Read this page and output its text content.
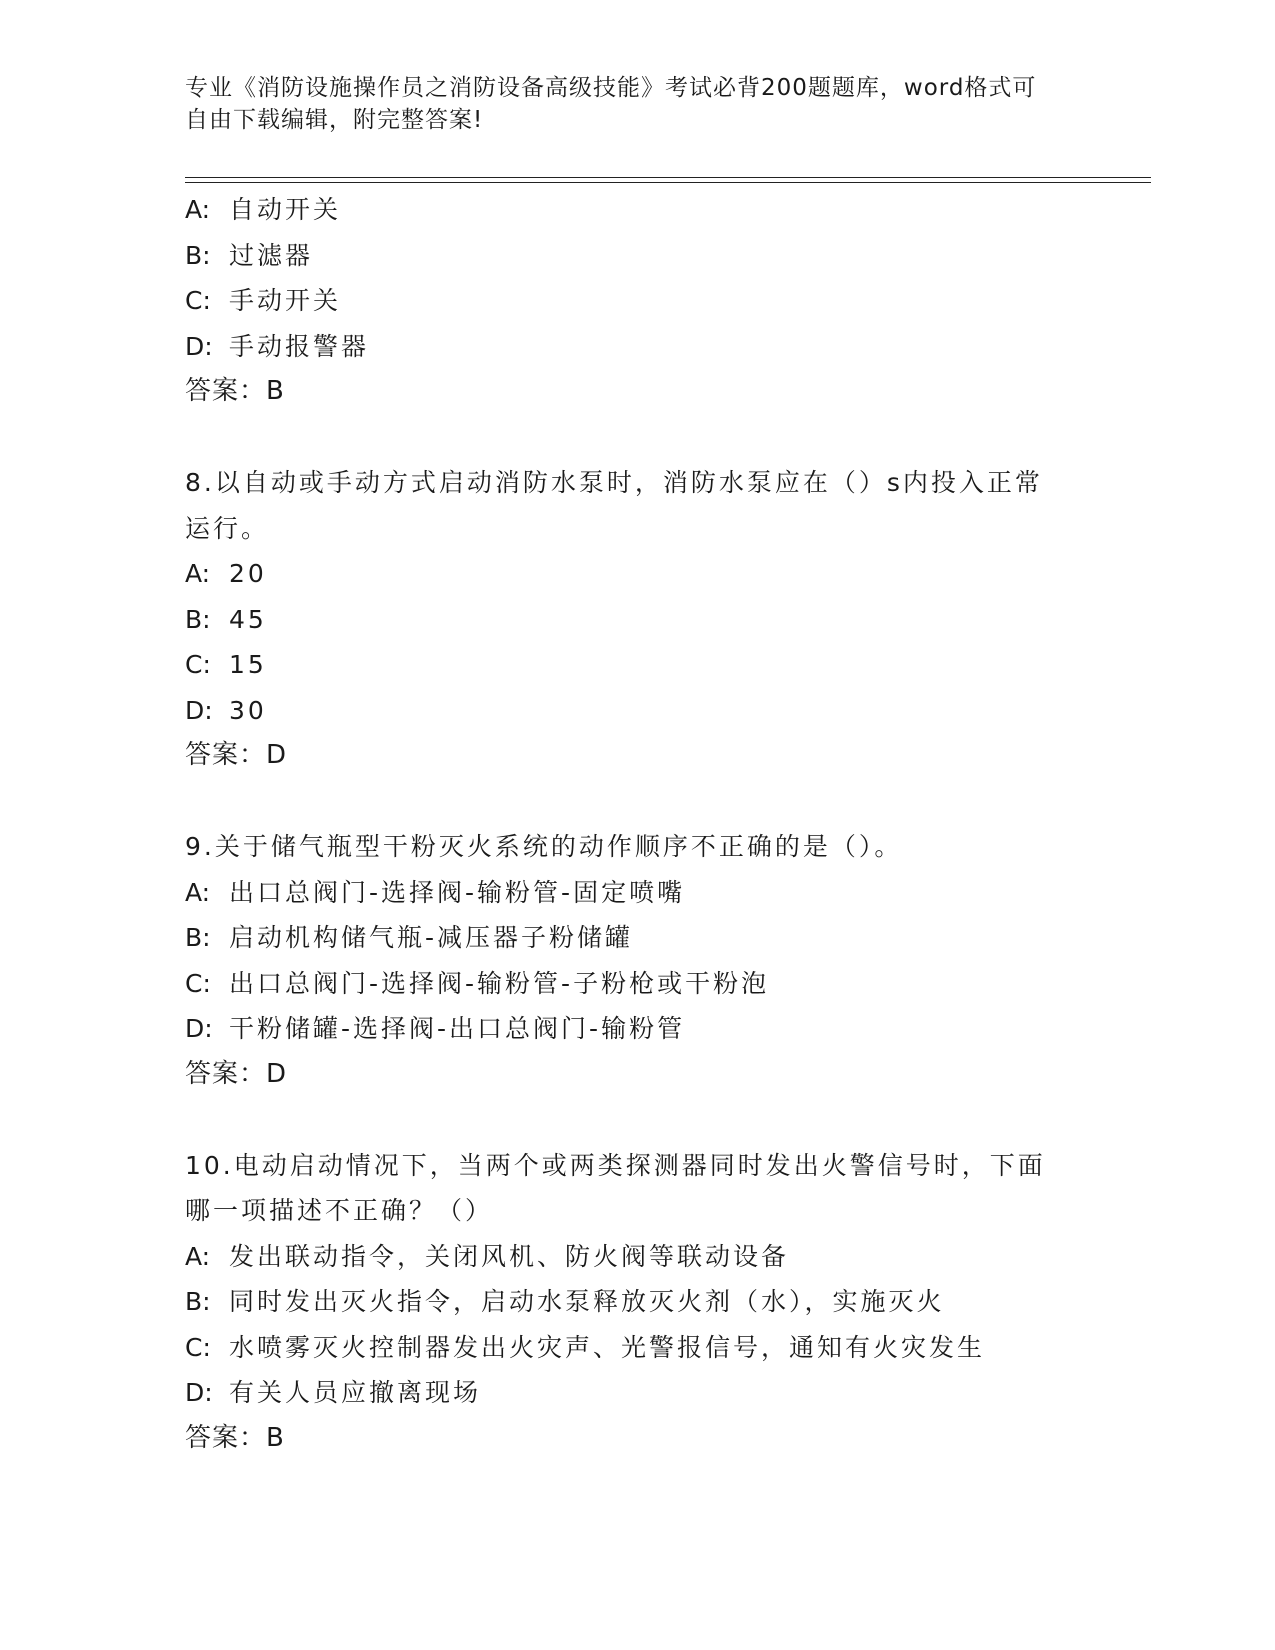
专业《消防设施操作员之消防设备高级技能》考试必背200题题库，word格式可
自由下载编辑，附完整答案!
A: 自动开关
B: 过滤器
C: 手动开关
D: 手动报警器
答案：B
8.以自动或手动方式启动消防水泵时，消防水泵应在（）s内投入正常
运行。
A: 20
B: 45
C: 15
D: 30
答案：D
9.关于储气瓶型干粉灭火系统的动作顺序不正确的是（）。
A: 出口总阀门-选择阀-输粉管-固定喷嘴
B: 启动机构储气瓶-减压器子粉储罐
C: 出口总阀门-选择阀-输粉管-子粉枪或干粉泡
D: 干粉储罐-选择阀-出口总阀门-输粉管
答案：D
10.电动启动情况下，当两个或两类探测器同时发出火警信号时，下面
哪一项描述不正确？（）
A: 发出联动指令，关闭风机、防火阀等联动设备
B: 同时发出灭火指令，启动水泵释放灭火剂（水），实施灭火
C: 水喷雾灭火控制器发出火灾声、光警报信号，通知有火灾发生
D: 有关人员应撤离现场
答案：B
